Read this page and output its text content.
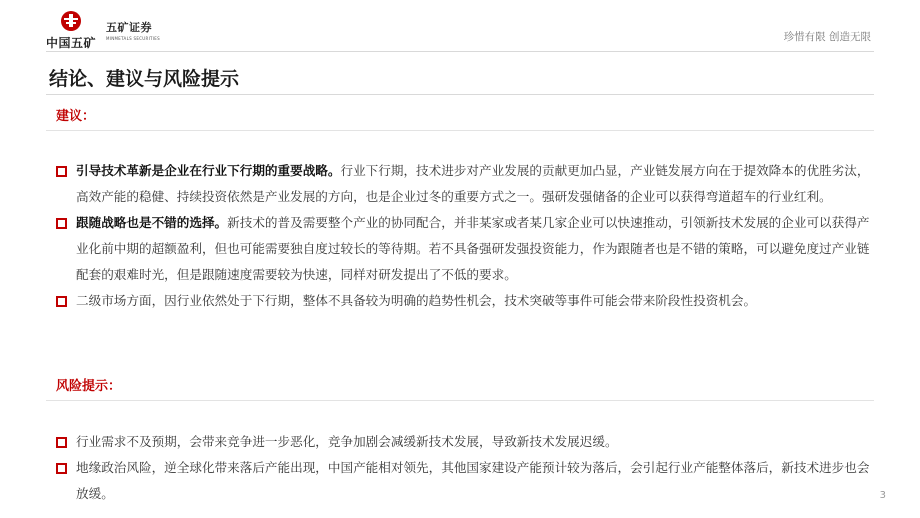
中国五矿
五矿证券
MINMETALS SECURITIES	珍惜有限 创造无限
结论、建议与风险提示
建议：
引导技术革新是企业在行业下行期的重要战略。行业下行期，技术进步对产业发展的贡献更加凸显，产业链发展方向在于提效降本的优胜劣汰，高效产能的稳健、持续投资依然是产业发展的方向，也是企业过冬的重要方式之一。强研发强储备的企业可以获得弯道超车的行业红利。
跟随战略也是不错的选择。新技术的普及需要整个产业的协同配合，并非某家或者某几家企业可以快速推动，引领新技术发展的企业可以获得产业化前中期的超额盈利，但也可能需要独自度过较长的等待期。若不具备强研发强投资能力，作为跟随者也是不错的策略，可以避免度过产业链配套的艰难时光，但是跟随速度需要较为快速，同样对研发提出了不低的要求。
二级市场方面，因行业依然处于下行期，整体不具备较为明确的趋势性机会，技术突破等事件可能会带来阶段性投资机会。
风险提示：
行业需求不及预期，会带来竞争进一步恶化，竞争加剧会减缓新技术发展，导致新技术发展迟缓。
地缘政治风险，逆全球化带来落后产能出现，中国产能相对领先，其他国家建设产能预计较为落后，会引起行业产能整体落后，新技术进步也会放缓。	3
